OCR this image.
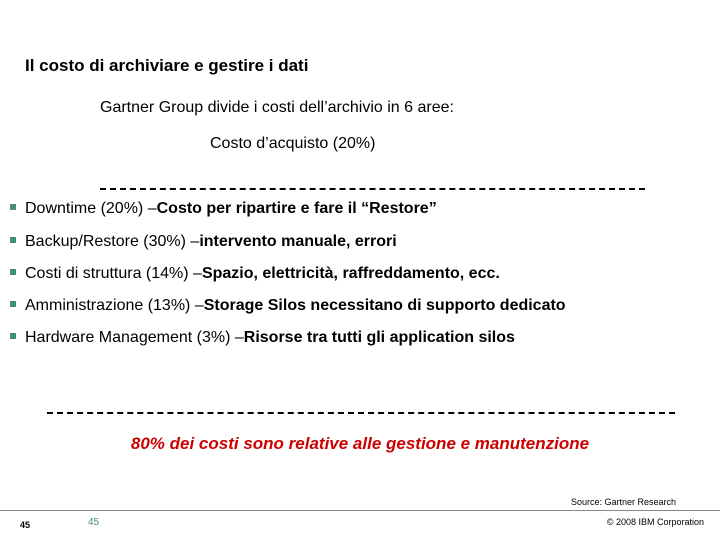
Il costo di archiviare e gestire i dati
Gartner Group divide i costi dell’archivio in 6 aree:
Costo d’acquisto (20%)
Downtime (20%) – Costo per ripartire e fare il “Restore”
Backup/Restore (30%) – intervento manuale, errori
Costi di struttura (14%) – Spazio, elettricità, raffreddamento, ecc.
Amministrazione (13%) – Storage Silos necessitano di supporto dedicato
Hardware Management (3%) – Risorse tra tutti gli application silos
80% dei costi sono relative alle gestione e manutenzione
Source: Gartner Research
45	45	© 2008 IBM Corporation
